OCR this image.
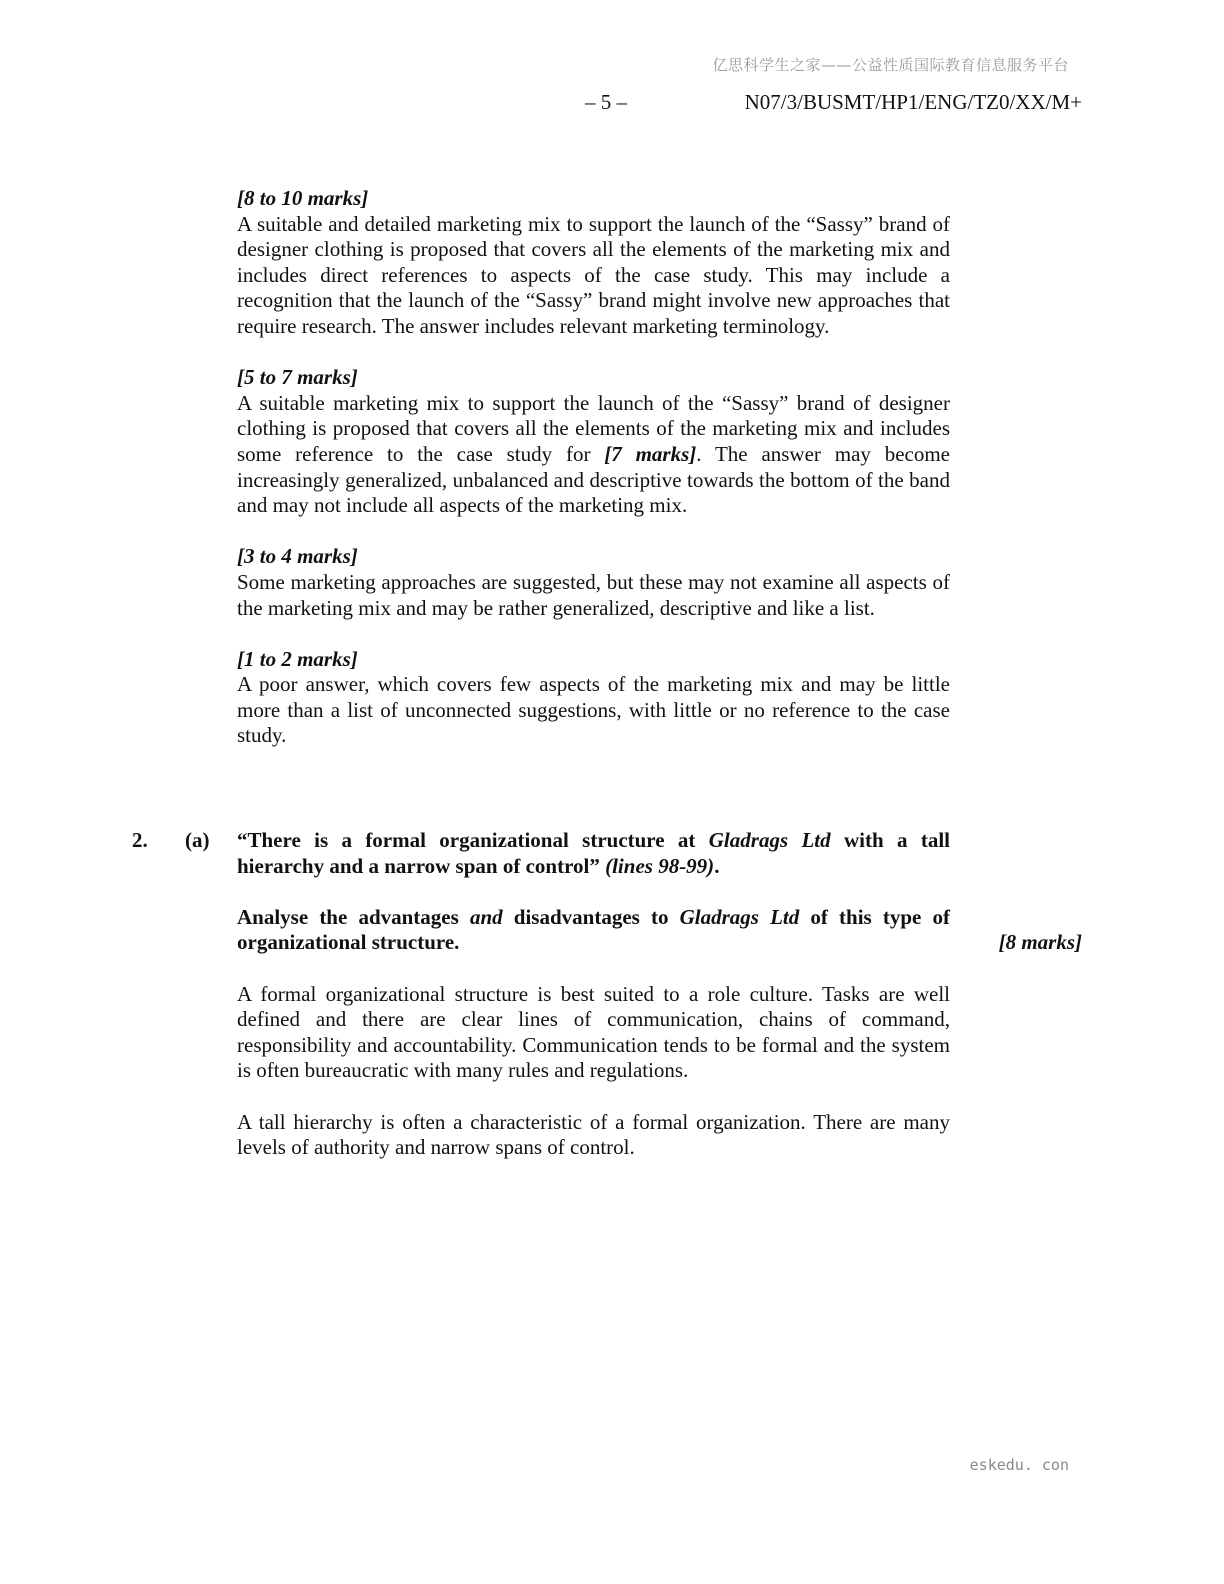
亿思科学生之家——公益性质国际教育信息服务平台
– 5 –	N07/3/BUSMT/HP1/ENG/TZ0/XX/M+
[8 to 10 marks]
A suitable and detailed marketing mix to support the launch of the “Sassy” brand of designer clothing is proposed that covers all the elements of the marketing mix and includes direct references to aspects of the case study. This may include a recognition that the launch of the “Sassy” brand might involve new approaches that require research. The answer includes relevant marketing terminology.
[5 to 7 marks]
A suitable marketing mix to support the launch of the “Sassy” brand of designer clothing is proposed that covers all the elements of the marketing mix and includes some reference to the case study for [7 marks]. The answer may become increasingly generalized, unbalanced and descriptive towards the bottom of the band and may not include all aspects of the marketing mix.
[3 to 4 marks]
Some marketing approaches are suggested, but these may not examine all aspects of the marketing mix and may be rather generalized, descriptive and like a list.
[1 to 2 marks]
A poor answer, which covers few aspects of the marketing mix and may be little more than a list of unconnected suggestions, with little or no reference to the case study.
2. (a) “There is a formal organizational structure at Gladrags Ltd with a tall hierarchy and a narrow span of control” (lines 98-99).
Analyse the advantages and disadvantages to Gladrags Ltd of this type of organizational structure.
A formal organizational structure is best suited to a role culture. Tasks are well defined and there are clear lines of communication, chains of command, responsibility and accountability. Communication tends to be formal and the system is often bureaucratic with many rules and regulations.
A tall hierarchy is often a characteristic of a formal organization. There are many levels of authority and narrow spans of control.
[8 marks]
eskedu. con
